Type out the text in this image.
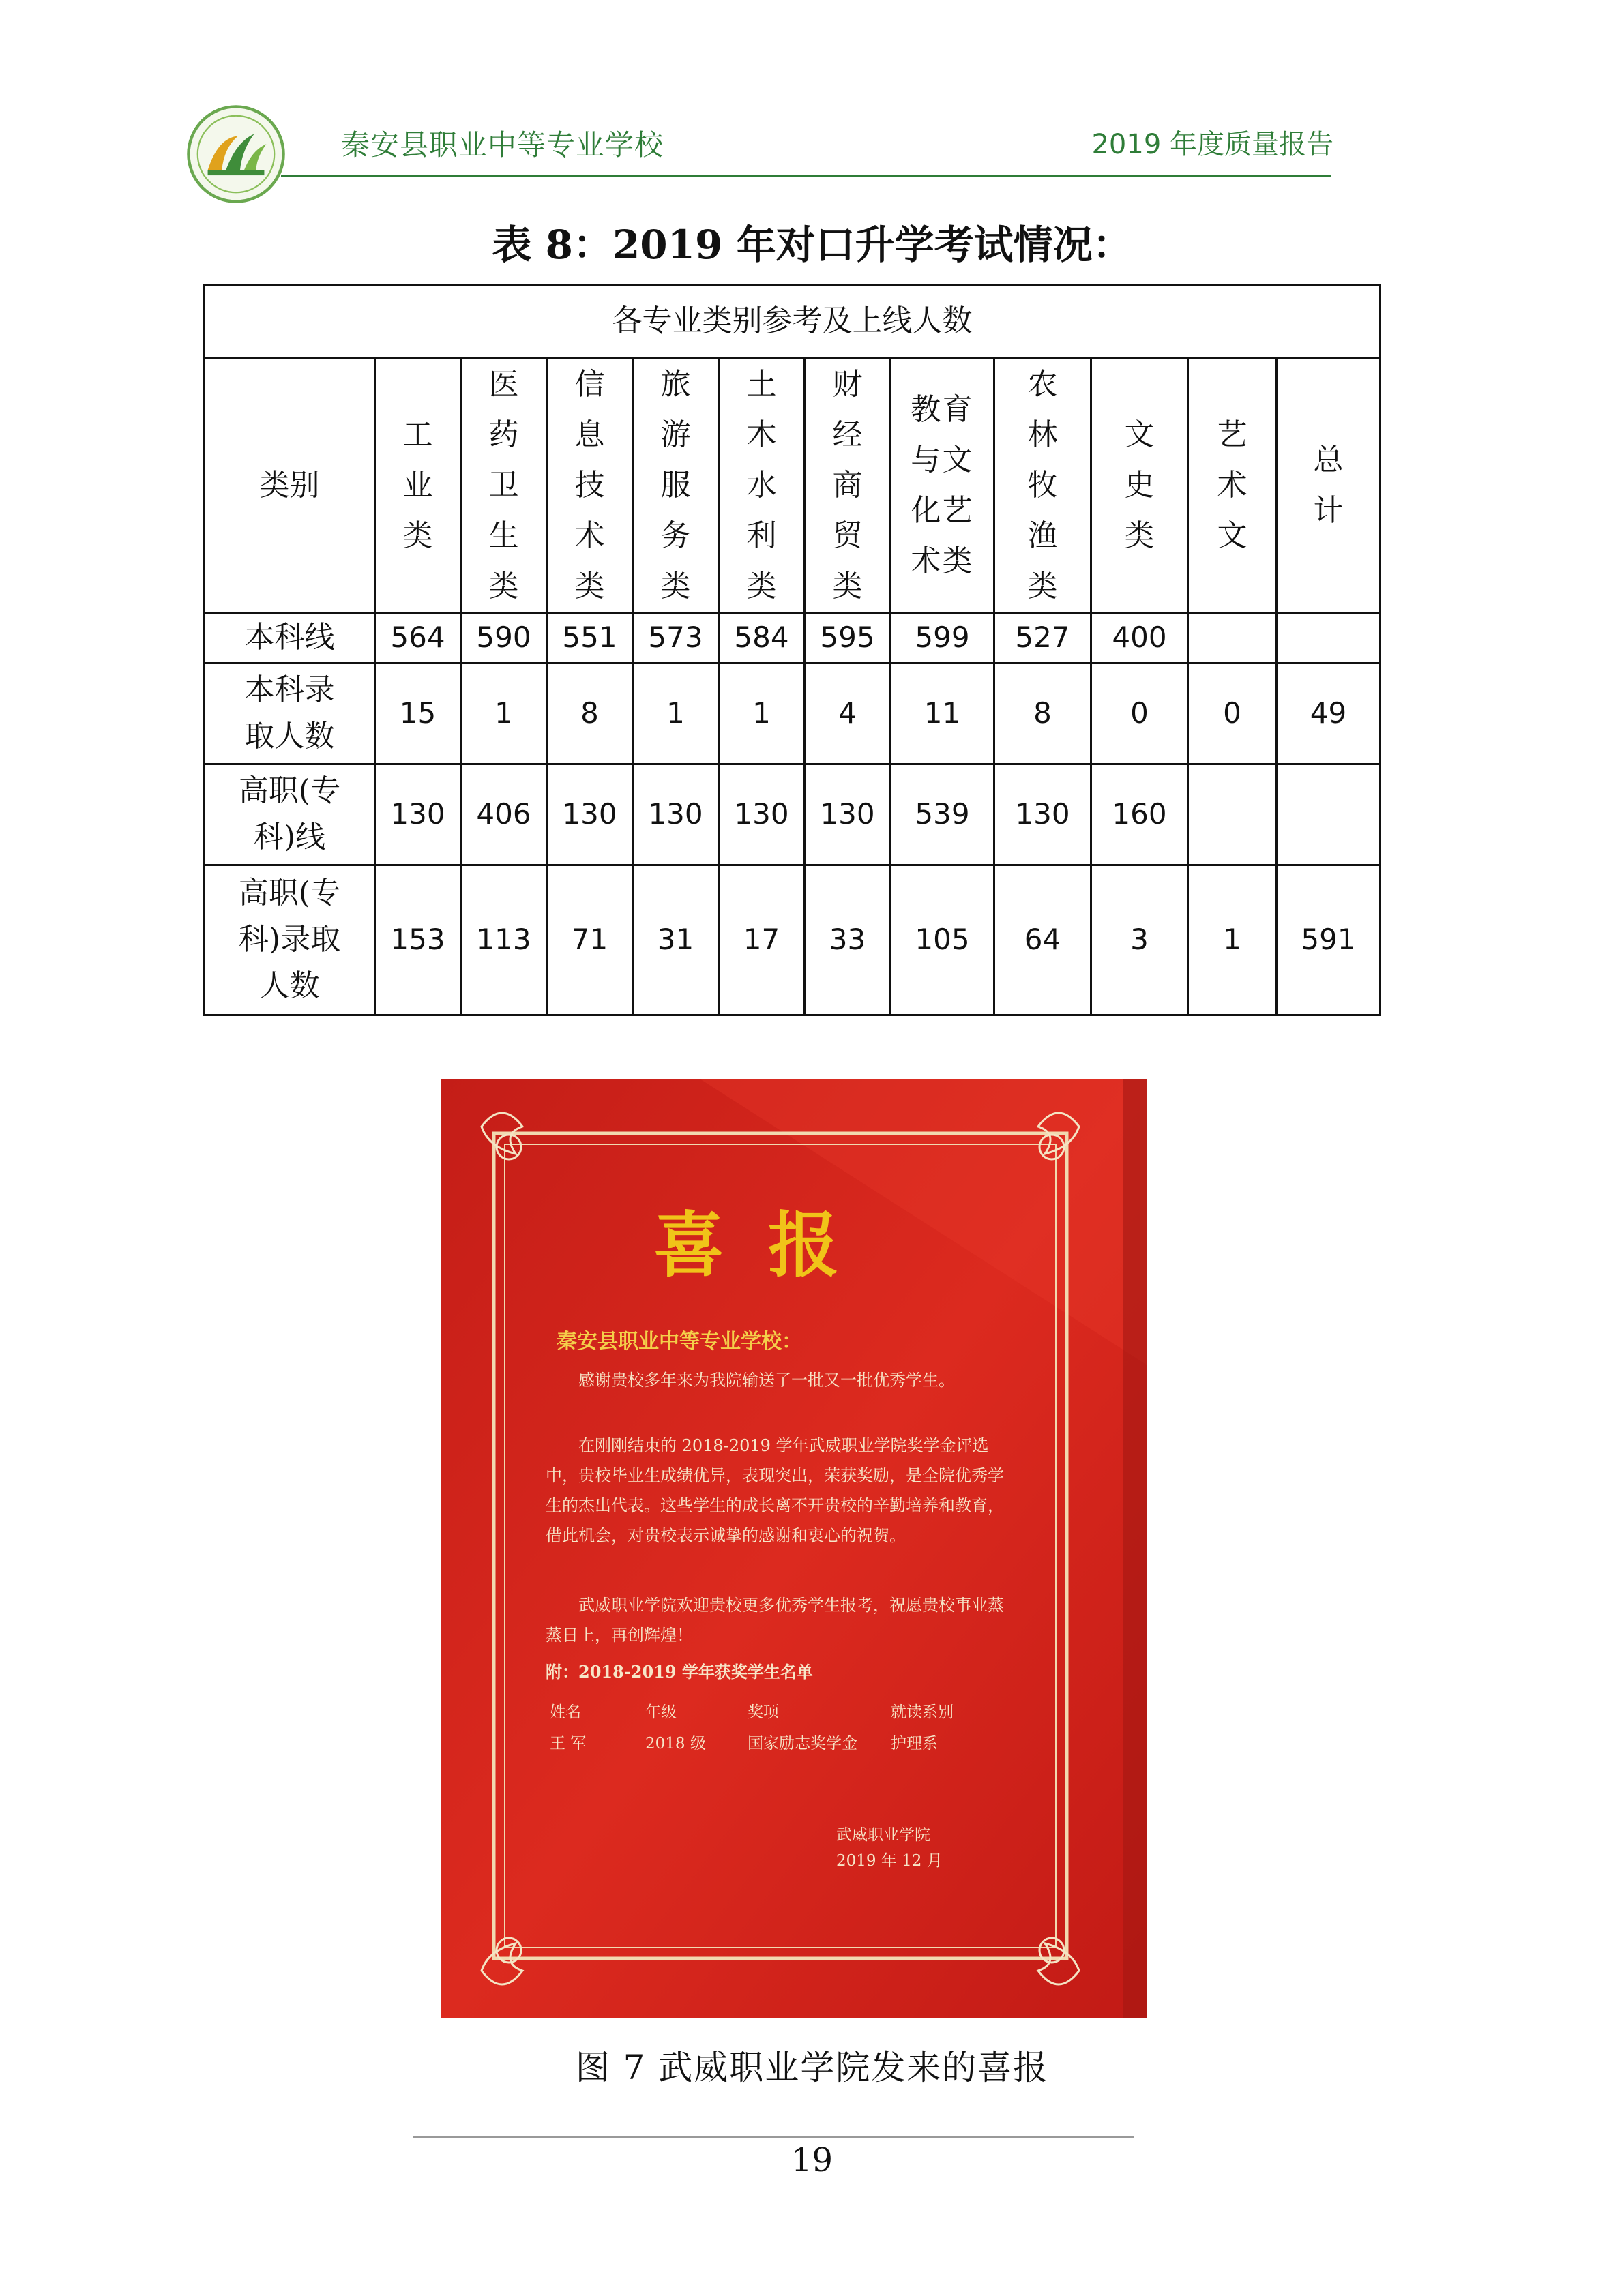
秦安县职业中等专业学校	2019 年度质量报告
表 8：2019 年对口升学考试情况：
各专业类别参考及上线人数											
类别	工业类	医药卫生类	信息技术类	旅游服务类	土木水利类	财经商贸类	教育与文化艺术类	农林牧渔类	文史类	艺术文	总计
本科线	564	590	551	573	584	595	599	527	400		
本科录取人数	15	1	8	1	1	4	11	8	0	0	49
高职(专科)线	130	406	130	130	130	130	539	130	160		
高职(专科)录取人数	153	113	71	31	17	33	105	64	3	1	591
喜报
秦安县职业中等专业学校：
感谢贵校多年来为我院输送了一批又一批优秀学生。
在刚刚结束的 2018-2019 学年武威职业学院奖学金评选中，贵校毕业生成绩优异，表现突出，荣获奖励，是全院优秀学生的杰出代表。这些学生的成长离不开贵校的辛勤培养和教育，借此机会，对贵校表示诚挚的感谢和衷心的祝贺。
武威职业学院欢迎贵校更多优秀学生报考，祝愿贵校事业蒸蒸日上，再创辉煌！
附：2018-2019 学年获奖学生名单
姓名	年级	奖项	就读系别
王 军	2018 级	国家励志奖学金	护理系
武威职业学院
2019 年 12 月
图 7 武威职业学院发来的喜报
19
